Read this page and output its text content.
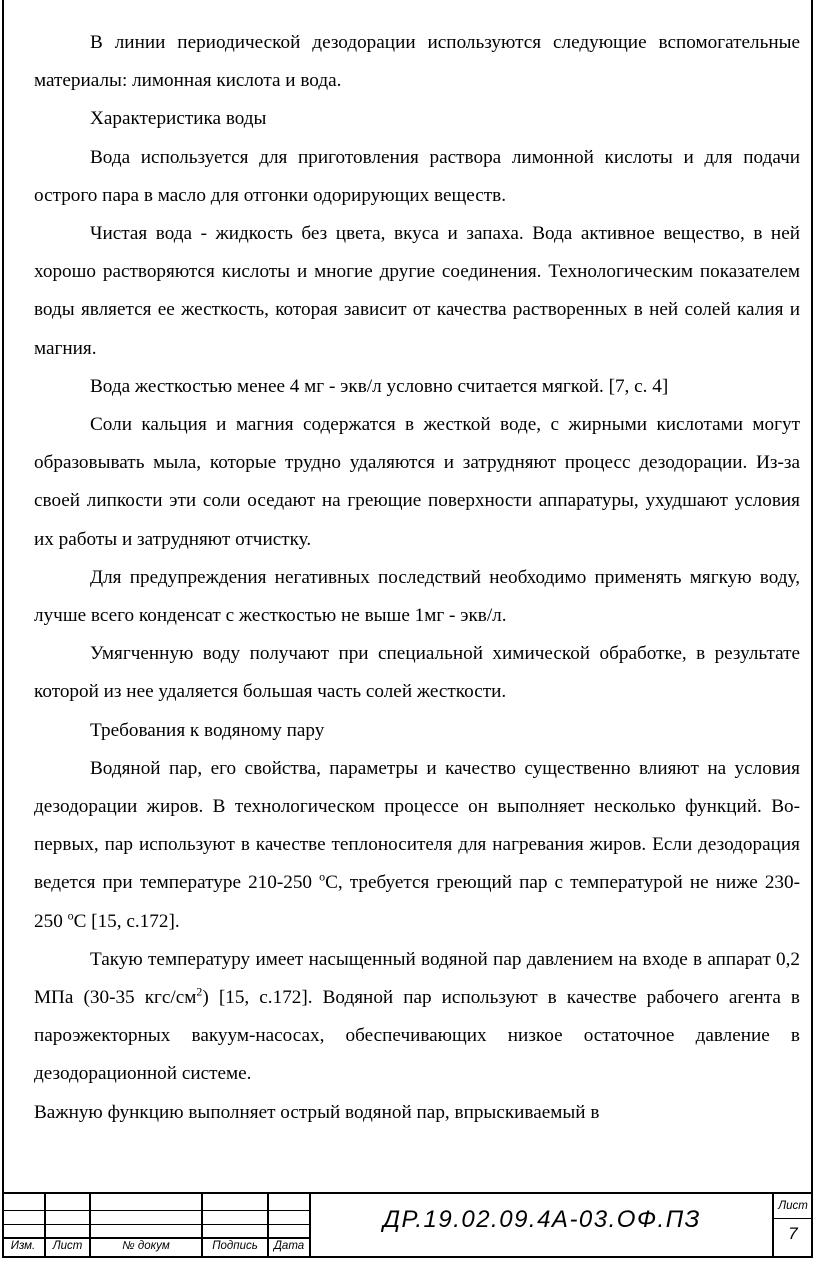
В линии периодической дезодорации используются следующие вспомогательные материалы: лимонная кислота и вода.

Характеристика воды

Вода используется для приготовления раствора лимонной кислоты и для подачи острого пара в масло для отгонки одорирующих веществ.

Чистая вода - жидкость без цвета, вкуса и запаха. Вода активное вещество, в ней хорошо растворяются кислоты и многие другие соединения. Технологическим показателем воды является ее жесткость, которая зависит от качества растворенных в ней солей калия и магния.

Вода жесткостью менее 4 мг - экв/л условно считается мягкой. [7, с. 4]

Соли кальция и магния содержатся в жесткой воде, с жирными кислотами могут образовывать мыла, которые трудно удаляются и затрудняют процесс дезодорации. Из-за своей липкости эти соли оседают на греющие поверхности аппаратуры, ухудшают условия их работы и затрудняют отчистку.

Для предупреждения негативных последствий необходимо применять мягкую воду, лучше всего конденсат с жесткостью не выше 1мг - экв/л.

Умягченную воду получают при специальной химической обработке, в результате которой из нее удаляется большая часть солей жесткости.

Требования к водяному пару

Водяной пар, его свойства, параметры и качество существенно влияют на условия дезодорации жиров. В технологическом процессе он выполняет несколько функций. Во-первых, пар используют в качестве теплоносителя для нагревания жиров. Если дезодорация ведется при температуре 210-250 $^о$С, требуется греющий пар с температурой не ниже 230-250 $^о$С [15, с.172].

Такую температуру имеет насыщенный водяной пар давлением на входе в аппарат 0,2 МПа (30-35 кгс/$см^2$) [15, с.172]. Водяной пар используют в качестве рабочего агента в пароэжекторных вакуум-насосах, обеспечивающих низкое остаточное давление в дезодорационной системе.

Важную функцию выполняет острый водяной пар, впрыскиваемый в

Изм.	Лист	№ докум	Подпись	Дата
ДР.19.02.09.4А-03.ОФ.ПЗ	Лист
7
